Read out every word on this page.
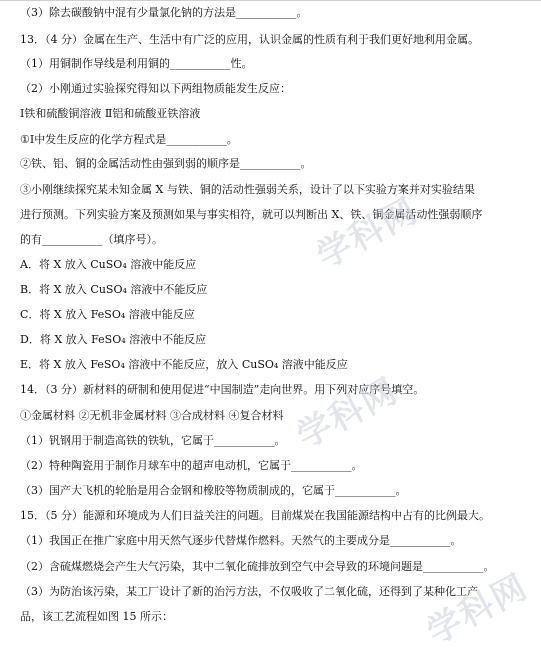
（3）除去碳酸钠中混有少量氯化钠的方法是___________。
13．（4 分）金属在生产、生活中有广泛的应用，认识金属的性质有利于我们更好地利用金属。
（1）用铜制作导线是利用铜的___________性。
（2）小刚通过实验探究得知以下两组物质能发生反应：
Ⅰ铁和硫酸铜溶液 Ⅱ铝和硫酸亚铁溶液
①Ⅰ中发生反应的化学方程式是___________。
②铁、铝、铜的金属活动性由强到弱的顺序是___________。
③小刚继续探究某未知金属 X 与铁、铜的活动性强弱关系，设计了以下实验方案并对实验结果
进行预测。下列实验方案及预测如果与事实相符，就可以判断出 X、铁、铜金属活动性强弱顺序
的有___________（填序号）。
A．将 X 放入 CuSO₄ 溶液中能反应
B．将 X 放入 CuSO₄ 溶液中不能反应
C．将 X 放入 FeSO₄ 溶液中能反应
D．将 X 放入 FeSO₄ 溶液中不能反应
E．将 X 放入 FeSO₄ 溶液中不能反应，放入 CuSO₄ 溶液中能反应
14．（3 分）新材料的研制和使用促进“中国制造”走向世界。用下列对应序号填空。
①金属材料 ②无机非金属材料 ③合成材料 ④复合材料
（1）钒钢用于制造高铁的铁轨，它属于___________。
（2）特种陶瓷用于制作月球车中的超声电动机，它属于___________。
（3）国产大飞机的轮胎是用合金钢和橡胶等物质制成的，它属于___________。
15．（5 分）能源和环境成为人们日益关注的问题。目前煤炭在我国能源结构中占有的比例最大。
（1）我国正在推广家庭中用天然气逐步代替煤作燃料。天然气的主要成分是___________。
（2）含硫煤燃烧会产生大气污染，其中二氧化硫排放到空气中会导致的环境问题是___________。
（3）为防治该污染，某工厂设计了新的治污方法，不仅吸收了二氧化硫，还得到了某种化工产
品，该工艺流程如图 15 所示：
学科网
学科网
学科网
